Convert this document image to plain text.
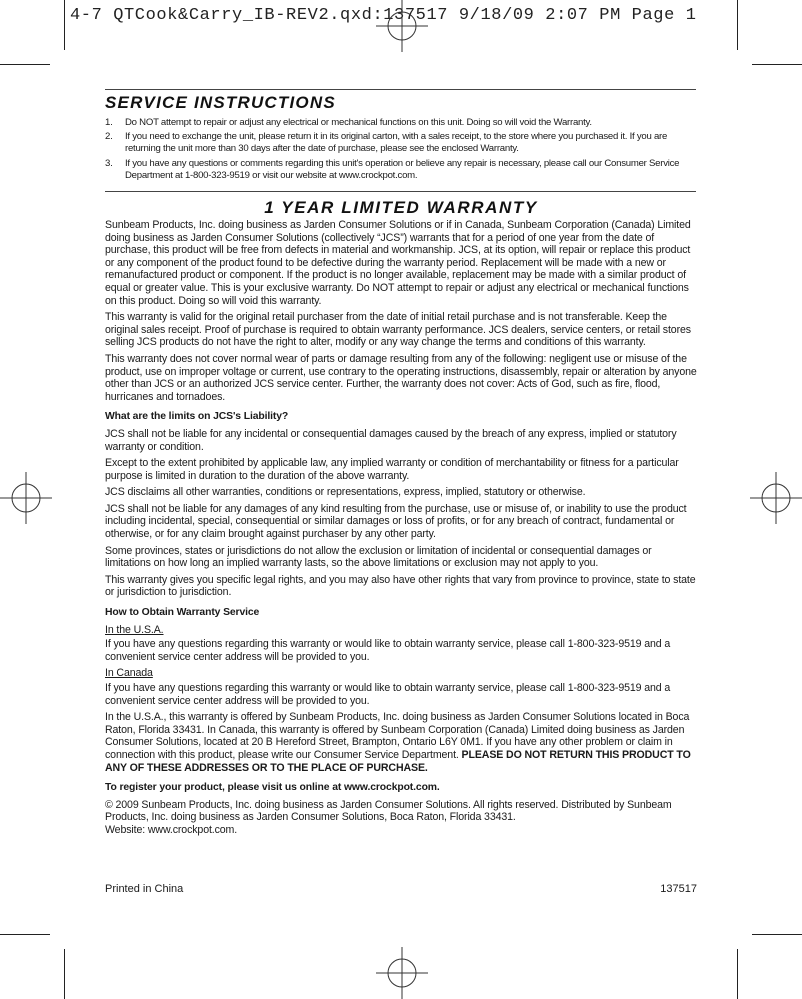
4-7 QTCook&Carry_IB-REV2.qxd:137517 9/18/09 2:07 PM Page 1
SERVICE INSTRUCTIONS
1. Do NOT attempt to repair or adjust any electrical or mechanical functions on this unit. Doing so will void the Warranty.
2. If you need to exchange the unit, please return it in its original carton, with a sales receipt, to the store where you purchased it. If you are returning the unit more than 30 days after the date of purchase, please see the enclosed Warranty.
3. If you have any questions or comments regarding this unit's operation or believe any repair is necessary, please call our Consumer Service Department at 1-800-323-9519 or visit our website at www.crockpot.com.
1 YEAR LIMITED WARRANTY

Sunbeam Products, Inc. doing business as Jarden Consumer Solutions or if in Canada, Sunbeam Corporation (Canada) Limited doing business as Jarden Consumer Solutions (collectively “JCS”) warrants that for a period of one year from the date of purchase, this product will be free from defects in material and workmanship. JCS, at its option, will repair or replace this product or any component of the product found to be defective during the warranty period. Replacement will be made with a new or remanufactured product or component. If the product is no longer available, replacement may be made with a similar product of equal or greater value. This is your exclusive warranty. Do NOT attempt to repair or adjust any electrical or mechanical functions on this product. Doing so will void this warranty.

This warranty is valid for the original retail purchaser from the date of initial retail purchase and is not transferable. Keep the original sales receipt. Proof of purchase is required to obtain warranty performance. JCS dealers, service centers, or retail stores selling JCS products do not have the right to alter, modify or any way change the terms and conditions of this warranty.

This warranty does not cover normal wear of parts or damage resulting from any of the following: negligent use or misuse of the product, use on improper voltage or current, use contrary to the operating instructions, disassembly, repair or alteration by anyone other than JCS or an authorized JCS service center. Further, the warranty does not cover: Acts of God, such as fire, flood, hurricanes and tornadoes.

What are the limits on JCS's Liability?

JCS shall not be liable for any incidental or consequential damages caused by the breach of any express, implied or statutory warranty or condition.

Except to the extent prohibited by applicable law, any implied warranty or condition of merchantability or fitness for a particular purpose is limited in duration to the duration of the above warranty.

JCS disclaims all other warranties, conditions or representations, express, implied, statutory or otherwise.

JCS shall not be liable for any damages of any kind resulting from the purchase, use or misuse of, or inability to use the product including incidental, special, consequential or similar damages or loss of profits, or for any breach of contract, fundamental or otherwise, or for any claim brought against purchaser by any other party.

Some provinces, states or jurisdictions do not allow the exclusion or limitation of incidental or consequential damages or limitations on how long an implied warranty lasts, so the above limitations or exclusion may not apply to you.

This warranty gives you specific legal rights, and you may also have other rights that vary from province to province, state to state or jurisdiction to jurisdiction.

How to Obtain Warranty Service
In the U.S.A.

If you have any questions regarding this warranty or would like to obtain warranty service, please call 1-800-323-9519 and a convenient service center address will be provided to you.

In Canada

If you have any questions regarding this warranty or would like to obtain warranty service, please call 1-800-323-9519 and a convenient service center address will be provided to you.

In the U.S.A., this warranty is offered by Sunbeam Products, Inc. doing business as Jarden Consumer Solutions located in Boca Raton, Florida 33431. In Canada, this warranty is offered by Sunbeam Corporation (Canada) Limited doing business as Jarden Consumer Solutions, located at 20 B Hereford Street, Brampton, Ontario L6Y 0M1. If you have any other problem or claim in connection with this product, please write our Consumer Service Department. PLEASE DO NOT RETURN THIS PRODUCT TO ANY OF THESE ADDRESSES OR TO THE PLACE OF PURCHASE.

To register your product, please visit us online at www.crockpot.com.

© 2009 Sunbeam Products, Inc. doing business as Jarden Consumer Solutions. All rights reserved. Distributed by Sunbeam Products, Inc. doing business as Jarden Consumer Solutions, Boca Raton, Florida 33431.
Website: www.crockpot.com.

Printed in China	137517
